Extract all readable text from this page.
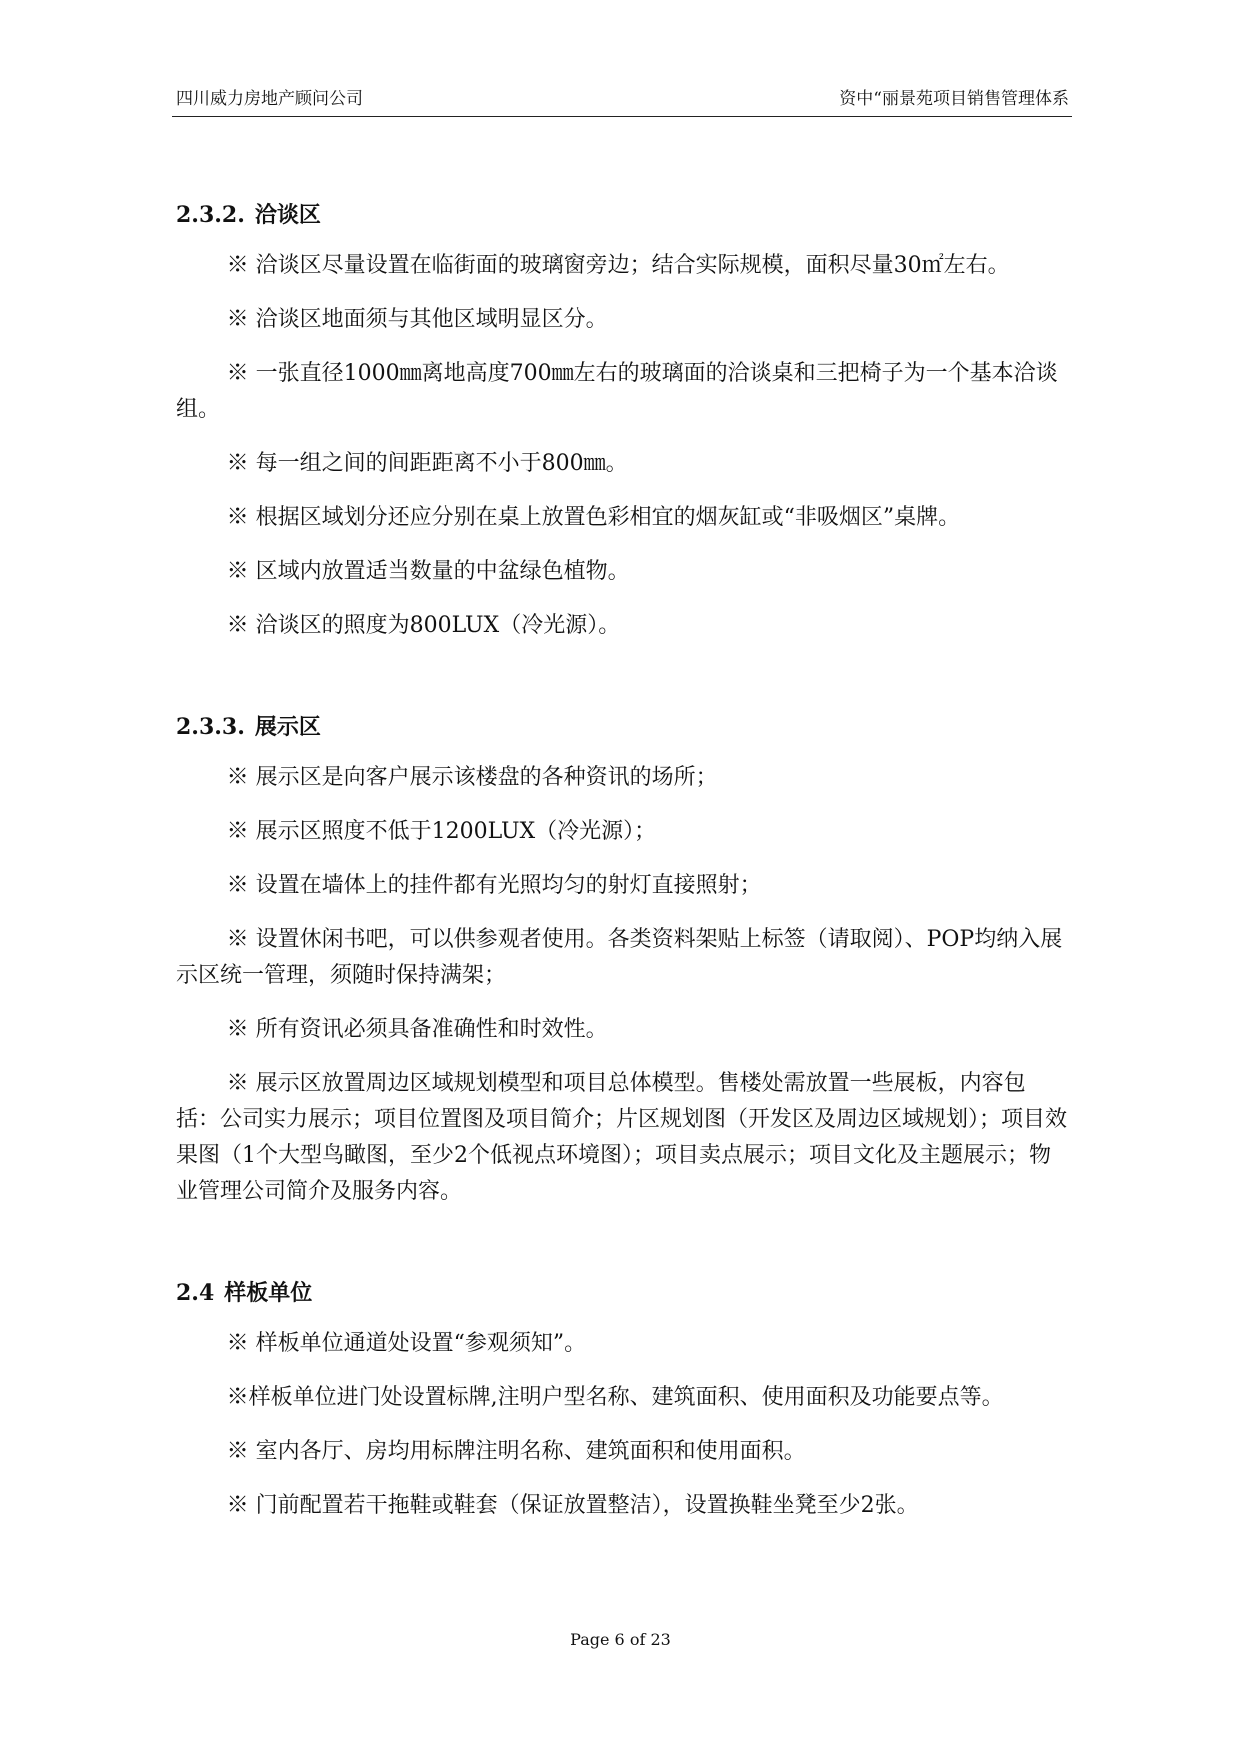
四川威力房地产顾问公司	资中“丽景苑项目销售管理体系
2.3.2. 洽谈区

※ 洽谈区尽量设置在临街面的玻璃窗旁边；结合实际规模，面积尽量30㎡左右。

※ 洽谈区地面须与其他区域明显区分。

※ 一张直径1000㎜离地高度700㎜左右的玻璃面的洽谈桌和三把椅子为一个基本洽谈组。

※ 每一组之间的间距距离不小于800㎜。

※ 根据区域划分还应分别在桌上放置色彩相宜的烟灰缸或“非吸烟区”桌牌。

※ 区域内放置适当数量的中盆绿色植物。

※ 洽谈区的照度为800LUX（冷光源）。

2.3.3. 展示区

※ 展示区是向客户展示该楼盘的各种资讯的场所；

※ 展示区照度不低于1200LUX（冷光源）；

※ 设置在墙体上的挂件都有光照均匀的射灯直接照射；

※ 设置休闲书吧，可以供参观者使用。各类资料架贴上标签（请取阅）、POP均纳入展示区统一管理，须随时保持满架；

※ 所有资讯必须具备准确性和时效性。

※ 展示区放置周边区域规划模型和项目总体模型。售楼处需放置一些展板，内容包括：公司实力展示；项目位置图及项目简介；片区规划图（开发区及周边区域规划）；项目效果图（1个大型鸟瞰图，至少2个低视点环境图）；项目卖点展示；项目文化及主题展示；物业管理公司简介及服务内容。

2.4 样板单位

※ 样板单位通道处设置“参观须知”。

※样板单位进门处设置标牌,注明户型名称、建筑面积、使用面积及功能要点等。

※ 室内各厅、房均用标牌注明名称、建筑面积和使用面积。

※ 门前配置若干拖鞋或鞋套（保证放置整洁），设置换鞋坐凳至少2张。

Page 6 of 23
